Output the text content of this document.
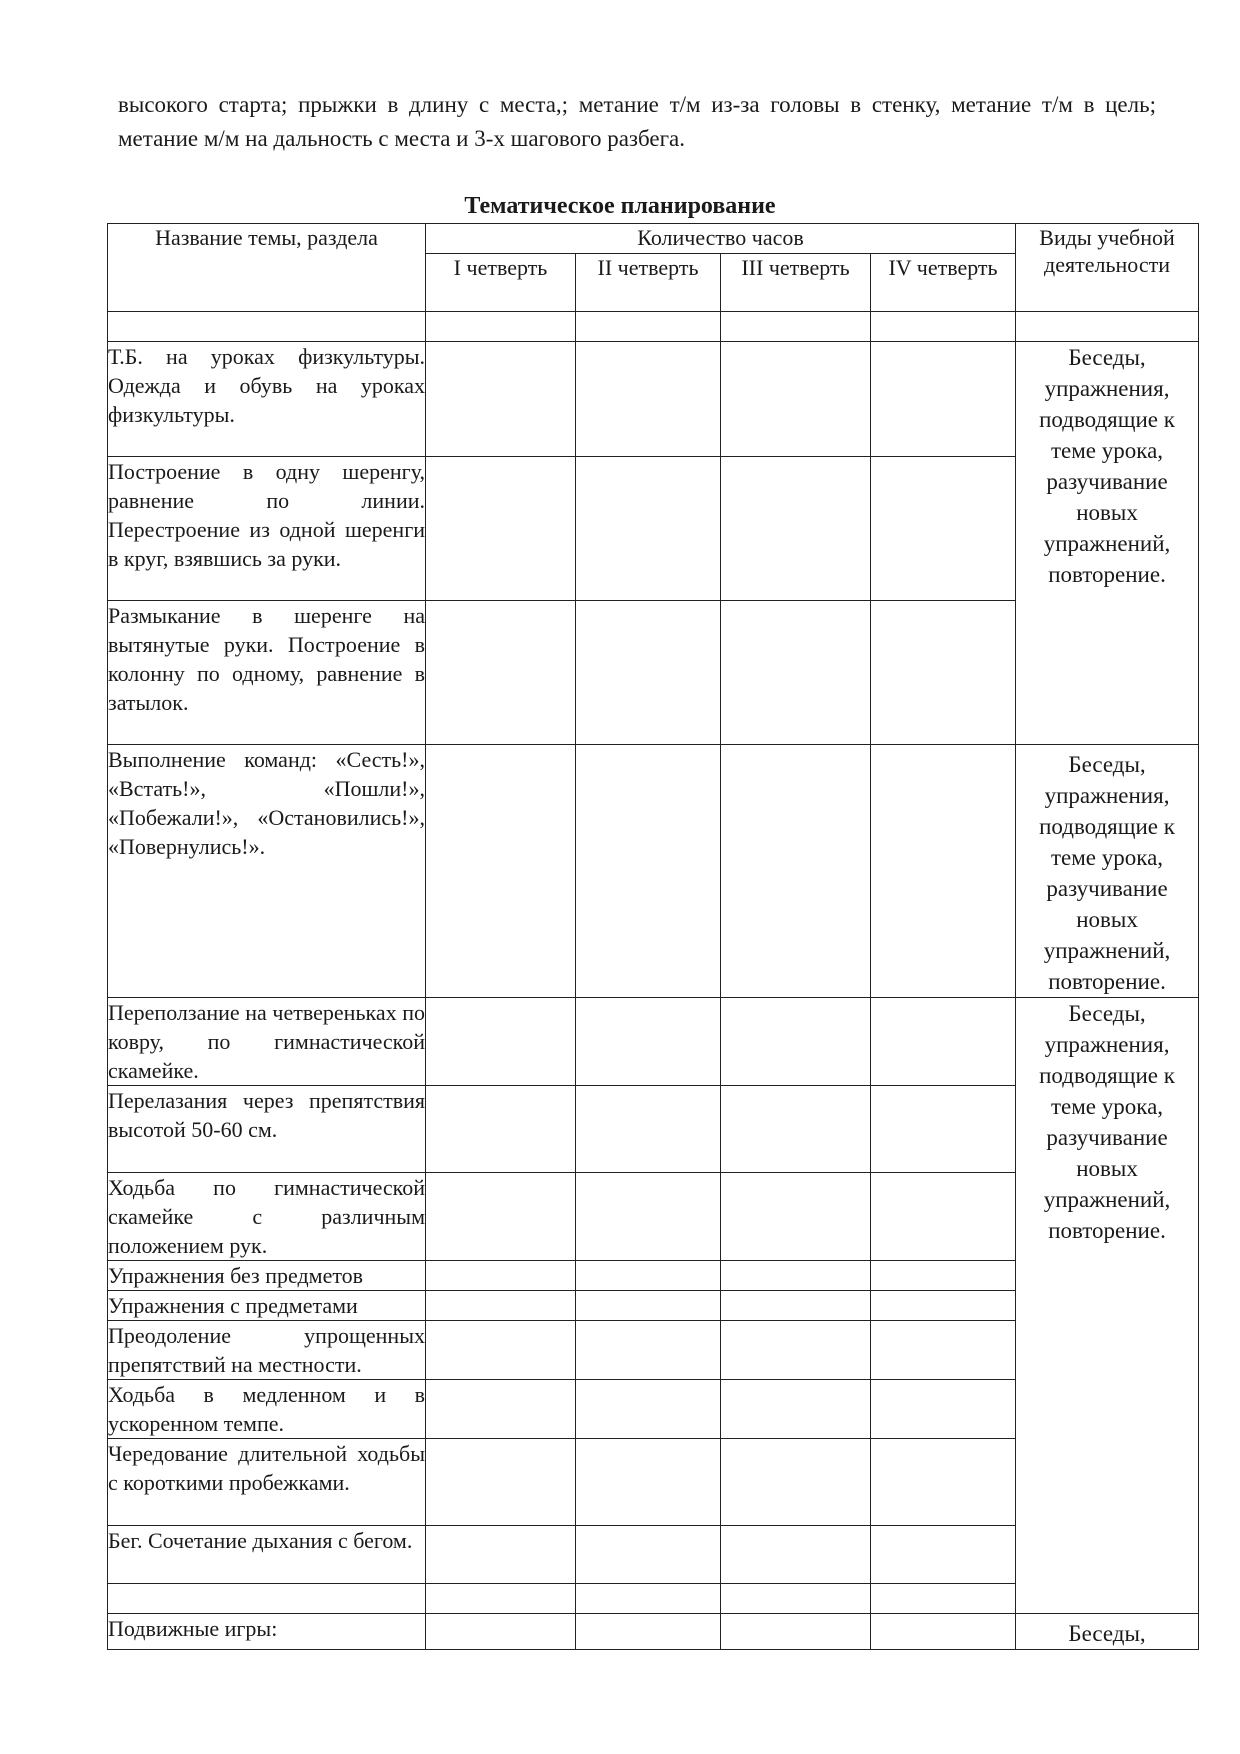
высокого старта; прыжки в длину с места,; метание т/м из-за головы в стенку, метание т/м в цель; метание м/м на дальность с места и 3-х шагового разбега.

Тематическое планирование

Название темы, раздела	Количество часов				Виды учебной деятельности
	I четверть	II четверть	III четверть	IV четверть	

Т.Б. на уроках физкультуры. Одежда и обувь на уроках физкультуры.					Беседы, упражнения, подводящие к теме урока, разучивание новых упражнений, повторение.
Построение в одну шеренгу, равнение по линии. Перестроение из одной шеренги в круг, взявшись за руки.					
Размыкание в шеренге на вытянутые руки. Построение в колонну по одному, равнение в затылок.					
Выполнение команд: «Сесть!», «Встать!», «Пошли!», «Побежали!», «Остановились!», «Повернулись!».					Беседы, упражнения, подводящие к теме урока, разучивание новых упражнений, повторение.
Переползание на четвереньках по ковру, по гимнастической скамейке.					Беседы, упражнения, подводящие к теме урока, разучивание новых упражнений, повторение.
Перелазания через препятствия высотой 50-60 см.					
Ходьба по гимнастической скамейке с различным положением рук.					
Упражнения без предметов					
Упражнения с предметами					
Преодоление упрощенных препятствий на местности.					
Ходьба в медленном и в ускоренном темпе.					
Чередование длительной ходьбы с короткими пробежками.					
Бег. Сочетание дыхания с бегом.					

Подвижные игры:					Беседы,
